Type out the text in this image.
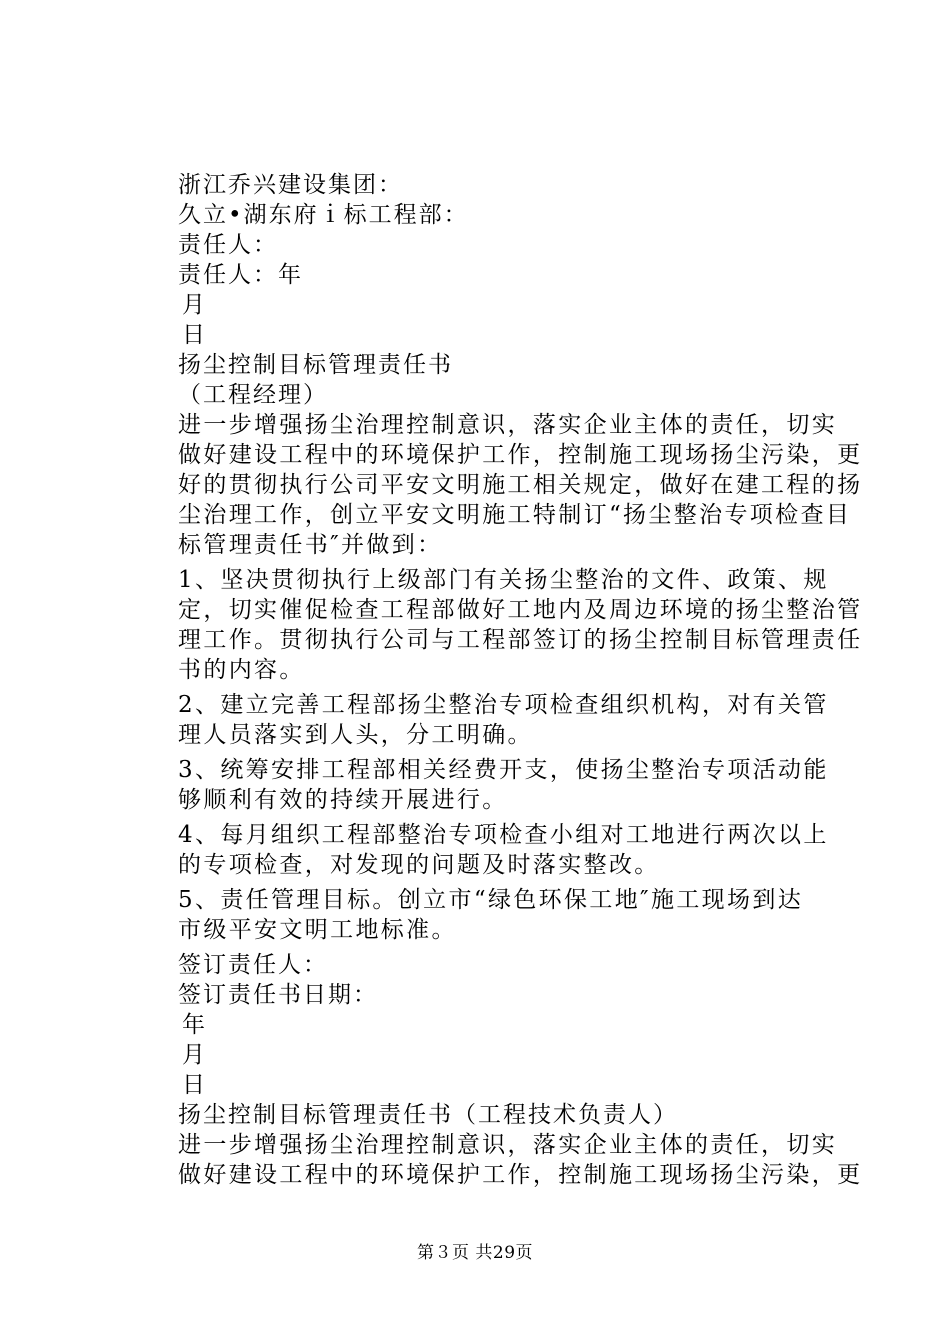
浙江乔兴建设集团：
久立•湖东府ｉ标工程部：
责任人：
责任人：年
月
日
扬尘控制目标管理责任书
（工程经理）
进一步增强扬尘治理控制意识，落实企业主体的责任，切实
做好建设工程中的环境保护工作，控制施工现场扬尘污染，更
好的贯彻执行公司平安文明施工相关规定，做好在建工程的扬
尘治理工作，创立平安文明施工特制订“扬尘整治专项检查目
标管理责任书″并做到：
1、坚决贯彻执行上级部门有关扬尘整治的文件、政策、规
定，切实催促检查工程部做好工地内及周边环境的扬尘整治管
理工作。贯彻执行公司与工程部签订的扬尘控制目标管理责任
书的内容。
2、建立完善工程部扬尘整治专项检查组织机构，对有关管
理人员落实到人头，分工明确。
3、统筹安排工程部相关经费开支，使扬尘整治专项活动能
够顺利有效的持续开展进行。
4、每月组织工程部整治专项检查小组对工地进行两次以上
的专项检查，对发现的问题及时落实整改。
5、责任管理目标。创立市“绿色环保工地″施工现场到达
市级平安文明工地标准。
签订责任人：
签订责任书日期：
年
月
日
扬尘控制目标管理责任书（工程技术负责人）
进一步增强扬尘治理控制意识，落实企业主体的责任，切实
做好建设工程中的环境保护工作，控制施工现场扬尘污染，更
第３页 共29页
